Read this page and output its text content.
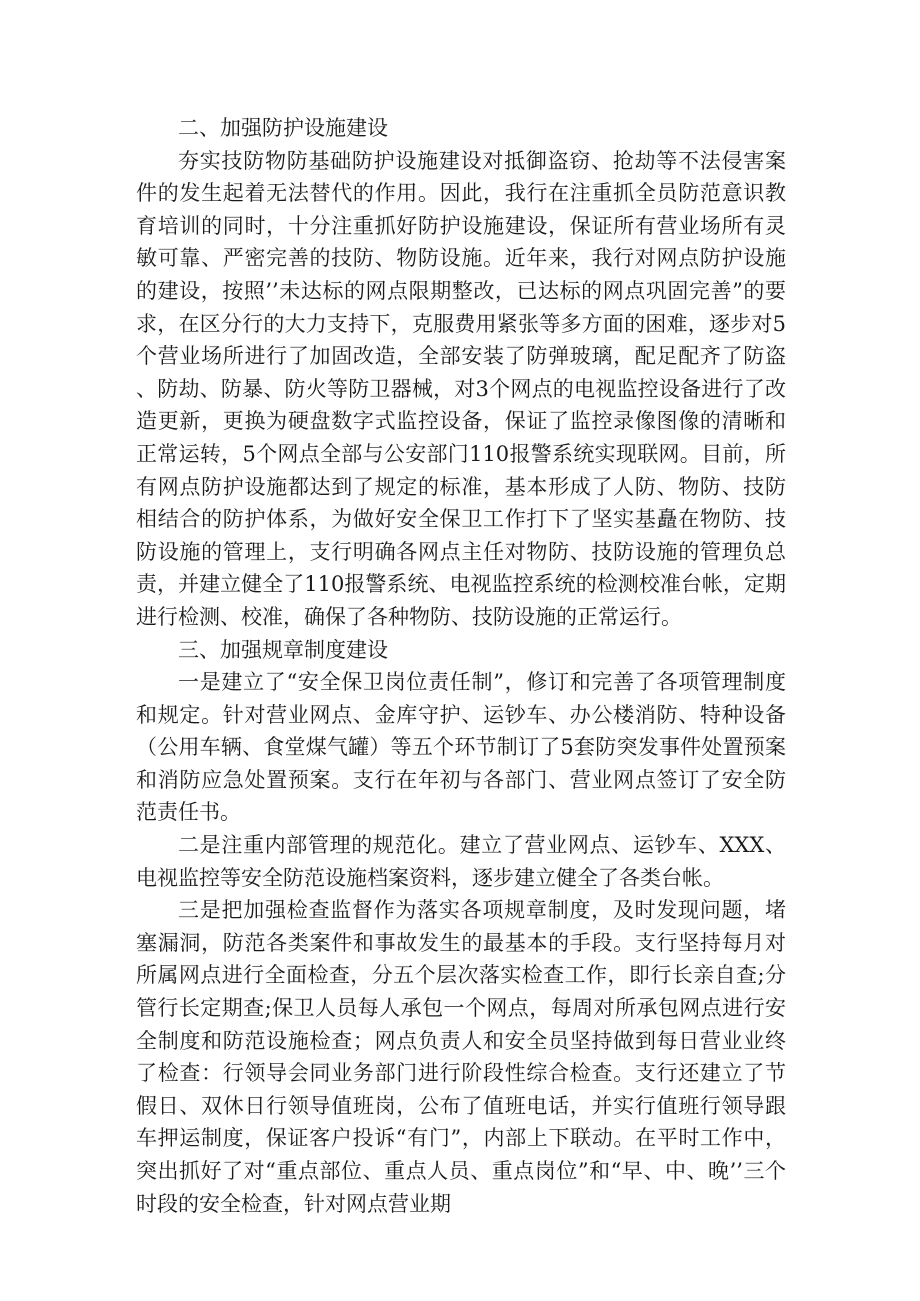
二、加强防护设施建设

夯实技防物防基础防护设施建设对抵御盗窃、抢劫等不法侵害案件的发生起着无法替代的作用。因此，我行在注重抓全员防范意识教育培训的同时，十分注重抓好防护设施建设，保证所有营业场所有灵敏可靠、严密完善的技防、物防设施。近年来，我行对网点防护设施的建设，按照’’未达标的网点限期整改，已达标的网点巩固完善”的要求，在区分行的大力支持下，克服费用紧张等多方面的困难，逐步对5个营业场所进行了加固改造，全部安装了防弹玻璃，配足配齐了防盗、防劫、防暴、防火等防卫器械，对3个网点的电视监控设备进行了改造更新，更换为硬盘数字式监控设备，保证了监控录像图像的清晰和正常运转，5个网点全部与公安部门110报警系统实现联网。目前，所有网点防护设施都达到了规定的标准，基本形成了人防、物防、技防相结合的防护体系，为做好安全保卫工作打下了坚实基矗在物防、技防设施的管理上，支行明确各网点主任对物防、技防设施的管理负总责，并建立健全了110报警系统、电视监控系统的检测校准台帐，定期进行检测、校准，确保了各种物防、技防设施的正常运行。

三、加强规章制度建设

一是建立了“安全保卫岗位责任制”，修订和完善了各项管理制度和规定。针对营业网点、金库守护、运钞车、办公楼消防、特种设备（公用车辆、食堂煤气罐）等五个环节制订了5套防突发事件处置预案和消防应急处置预案。支行在年初与各部门、营业网点签订了安全防范责任书。

二是注重内部管理的规范化。建立了营业网点、运钞车、XXX、电视监控等安全防范设施档案资料，逐步建立健全了各类台帐。

三是把加强检查监督作为落实各项规章制度，及时发现问题，堵塞漏洞，防范各类案件和事故发生的最基本的手段。支行坚持每月对所属网点进行全面检查，分五个层次落实检查工作，即行长亲自查;分管行长定期查;保卫人员每人承包一个网点，每周对所承包网点进行安全制度和防范设施检查；网点负责人和安全员坚持做到每日营业业终了检查：行领导会同业务部门进行阶段性综合检查。支行还建立了节假日、双休日行领导值班岗，公布了值班电话，并实行值班行领导跟车押运制度，保证客户投诉“有门”，内部上下联动。在平时工作中，突出抓好了对“重点部位、重点人员、重点岗位”和“早、中、晚’’三个时段的安全检查，针对网点营业期
